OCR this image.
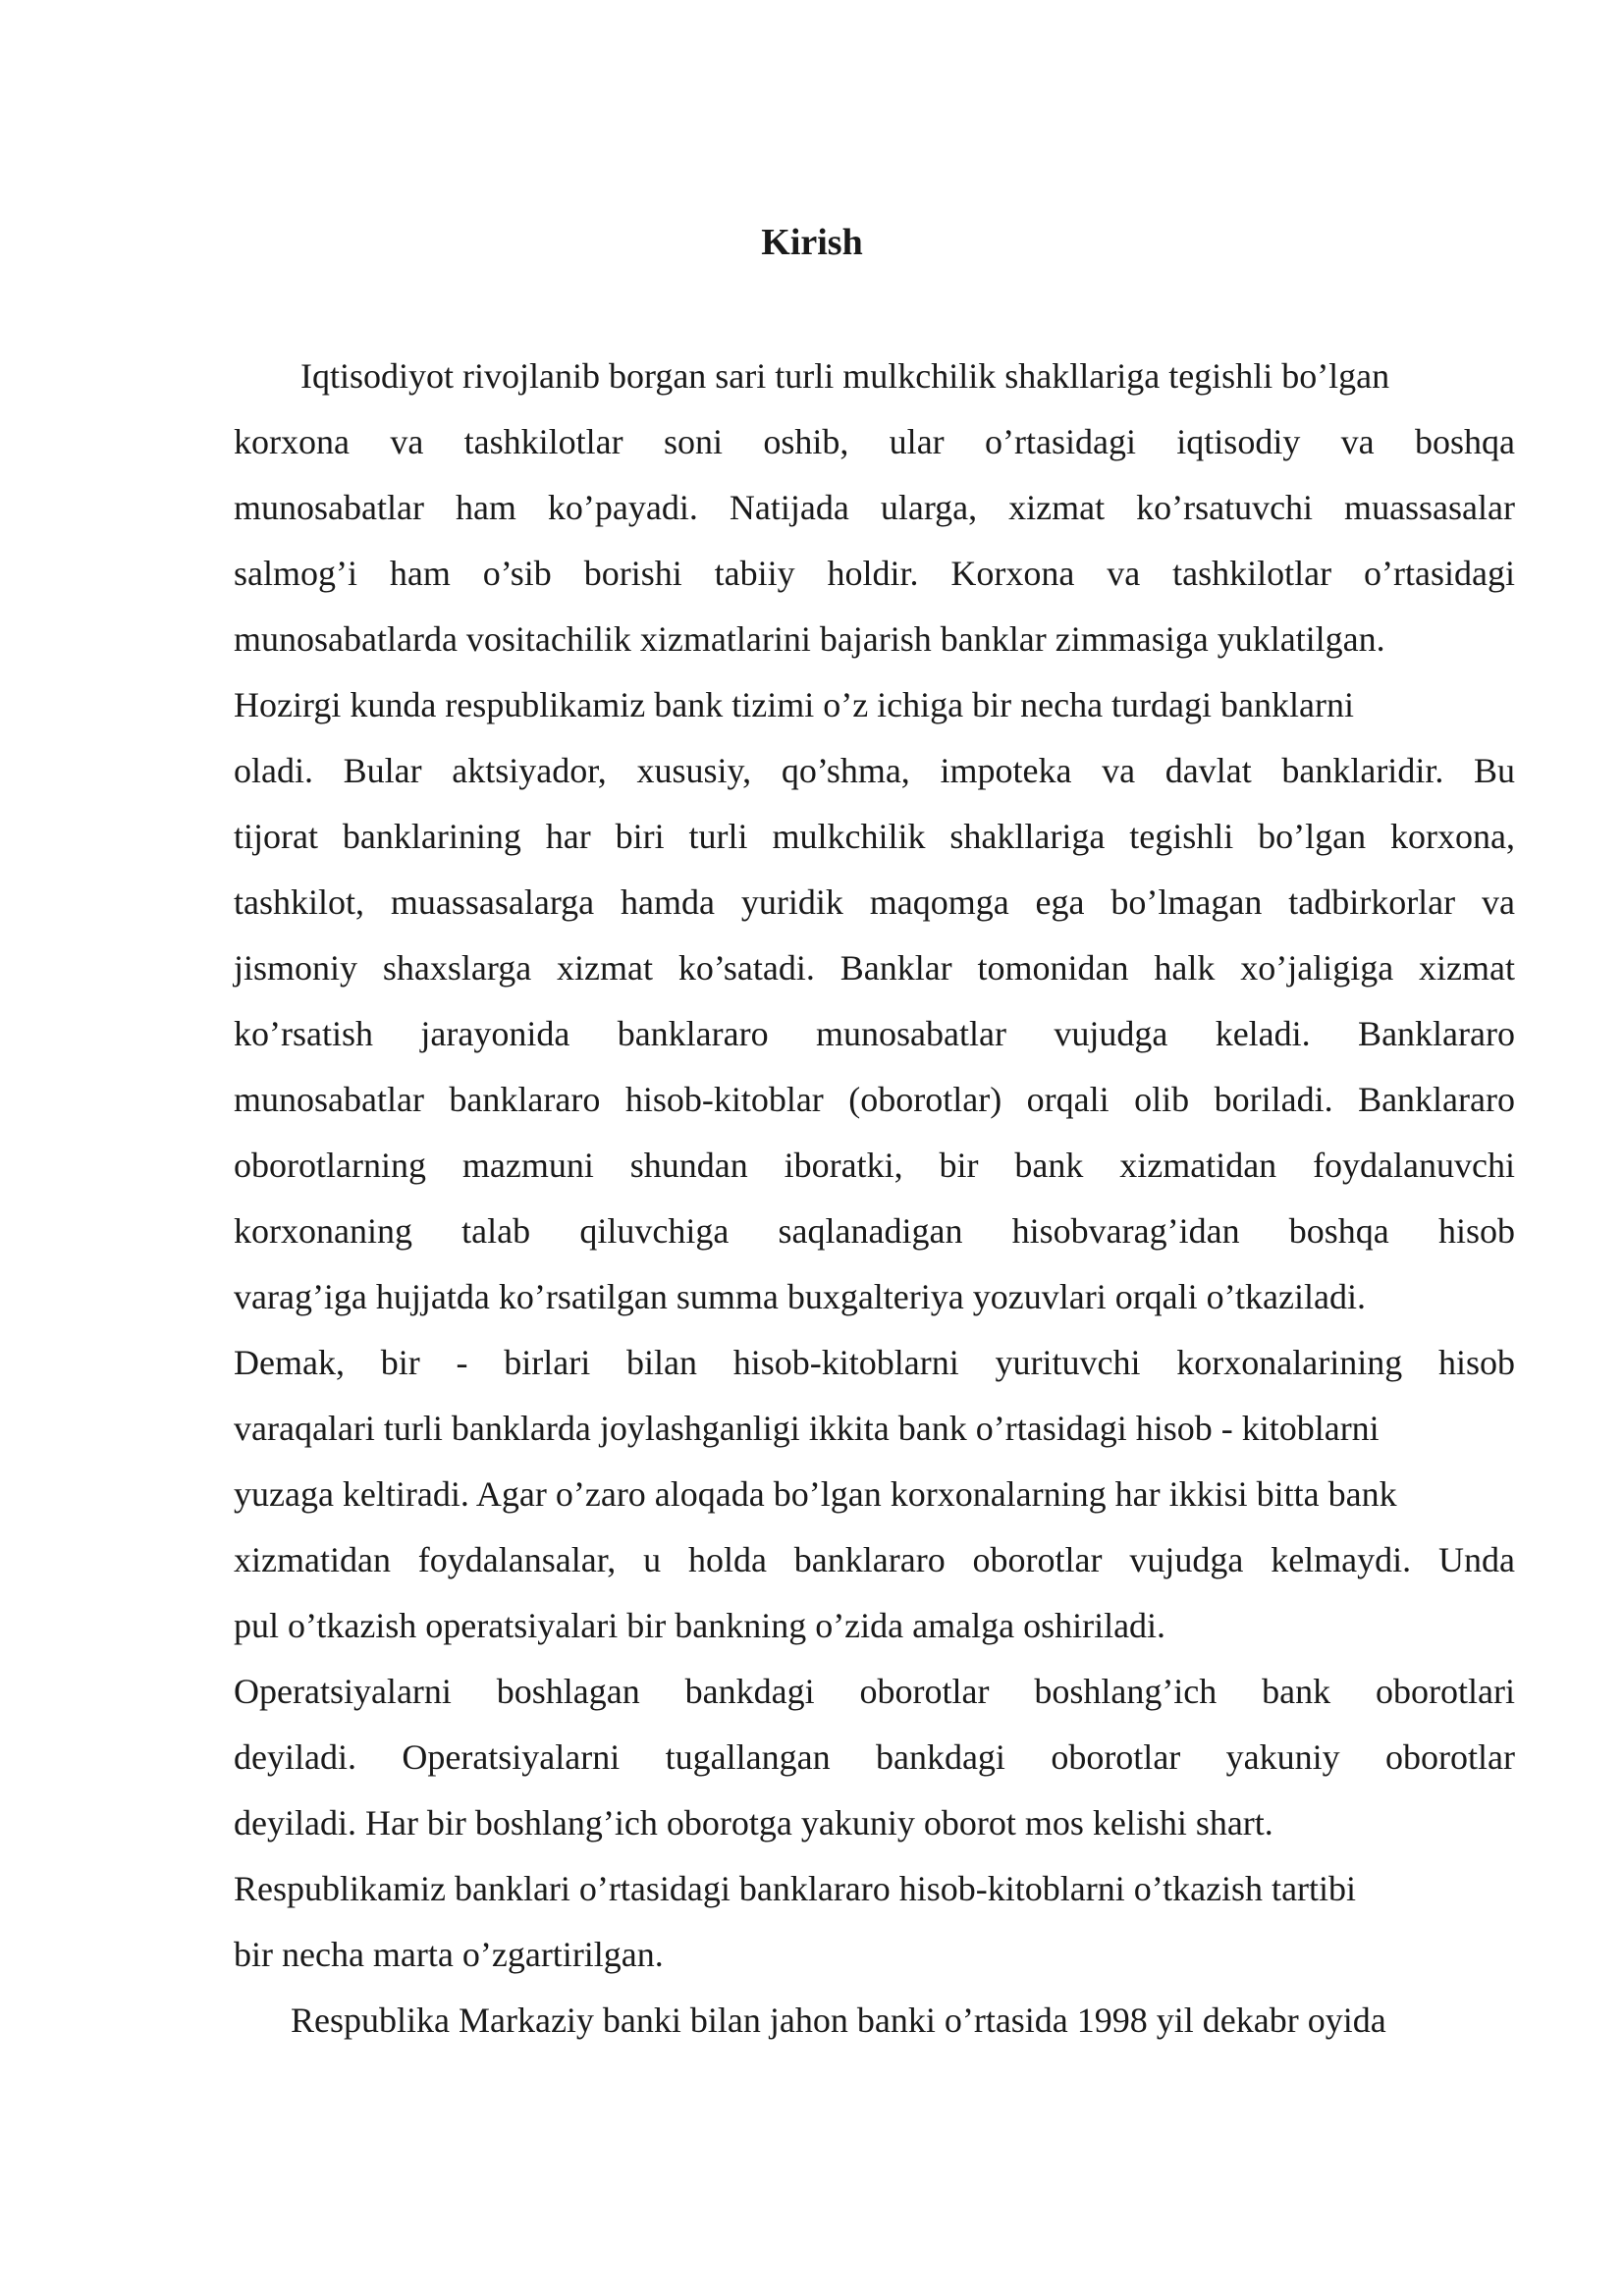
Kirish

Iqtisodiyot rivojlanib borgan sari turli mulkchilik shakllariga tegishli bo’lgan

korxona va tashkilotlar soni oshib, ular o’rtasidagi iqtisodiy va boshqa

munosabatlar ham ko’payadi. Natijada ularga, xizmat ko’rsatuvchi muassasalar

salmog’i ham o’sib borishi tabiiy holdir. Korxona va tashkilotlar o’rtasidagi

munosabatlarda vositachilik xizmatlarini bajarish banklar zimmasiga yuklatilgan.

Hozirgi kunda respublikamiz bank tizimi o’z ichiga bir necha turdagi banklarni

oladi. Bular aktsiyador, xususiy, qo’shma, impoteka va davlat banklaridir. Bu

tijorat banklarining har biri turli mulkchilik shakllariga tegishli bo’lgan korxona,

tashkilot, muassasalarga hamda yuridik maqomga ega bo’lmagan tadbirkorlar va

jismoniy shaxslarga xizmat ko’satadi. Banklar tomonidan halk xo’jaligiga xizmat

ko’rsatish jarayonida banklararo munosabatlar vujudga keladi. Banklararo

munosabatlar banklararo hisob-kitoblar (oborotlar) orqali olib boriladi. Banklararo

oborotlarning mazmuni shundan iboratki, bir bank xizmatidan foydalanuvchi

korxonaning talab qiluvchiga saqlanadigan hisobvarag’idan boshqa hisob

varag’iga hujjatda ko’rsatilgan summa buxgalteriya yozuvlari orqali o’tkaziladi.

Demak, bir - birlari bilan hisob-kitoblarni yurituvchi korxonalarining hisob

varaqalari turli banklarda joylashganligi ikkita bank o’rtasidagi hisob - kitoblarni

yuzaga keltiradi. Agar o’zaro aloqada bo’lgan korxonalarning har ikkisi bitta bank

xizmatidan foydalansalar, u holda banklararo oborotlar vujudga kelmaydi. Unda

pul o’tkazish operatsiyalari bir bankning o’zida amalga oshiriladi.

Operatsiyalarni boshlagan bankdagi oborotlar boshlang’ich bank oborotlari

deyiladi. Operatsiyalarni tugallangan bankdagi oborotlar yakuniy oborotlar

deyiladi. Har bir boshlang’ich oborotga yakuniy oborot mos kelishi shart.

Respublikamiz banklari o’rtasidagi banklararo hisob-kitoblarni o’tkazish tartibi

bir necha marta o’zgartirilgan.

Respublika Markaziy banki bilan jahon banki o’rtasida 1998 yil dekabr oyida
